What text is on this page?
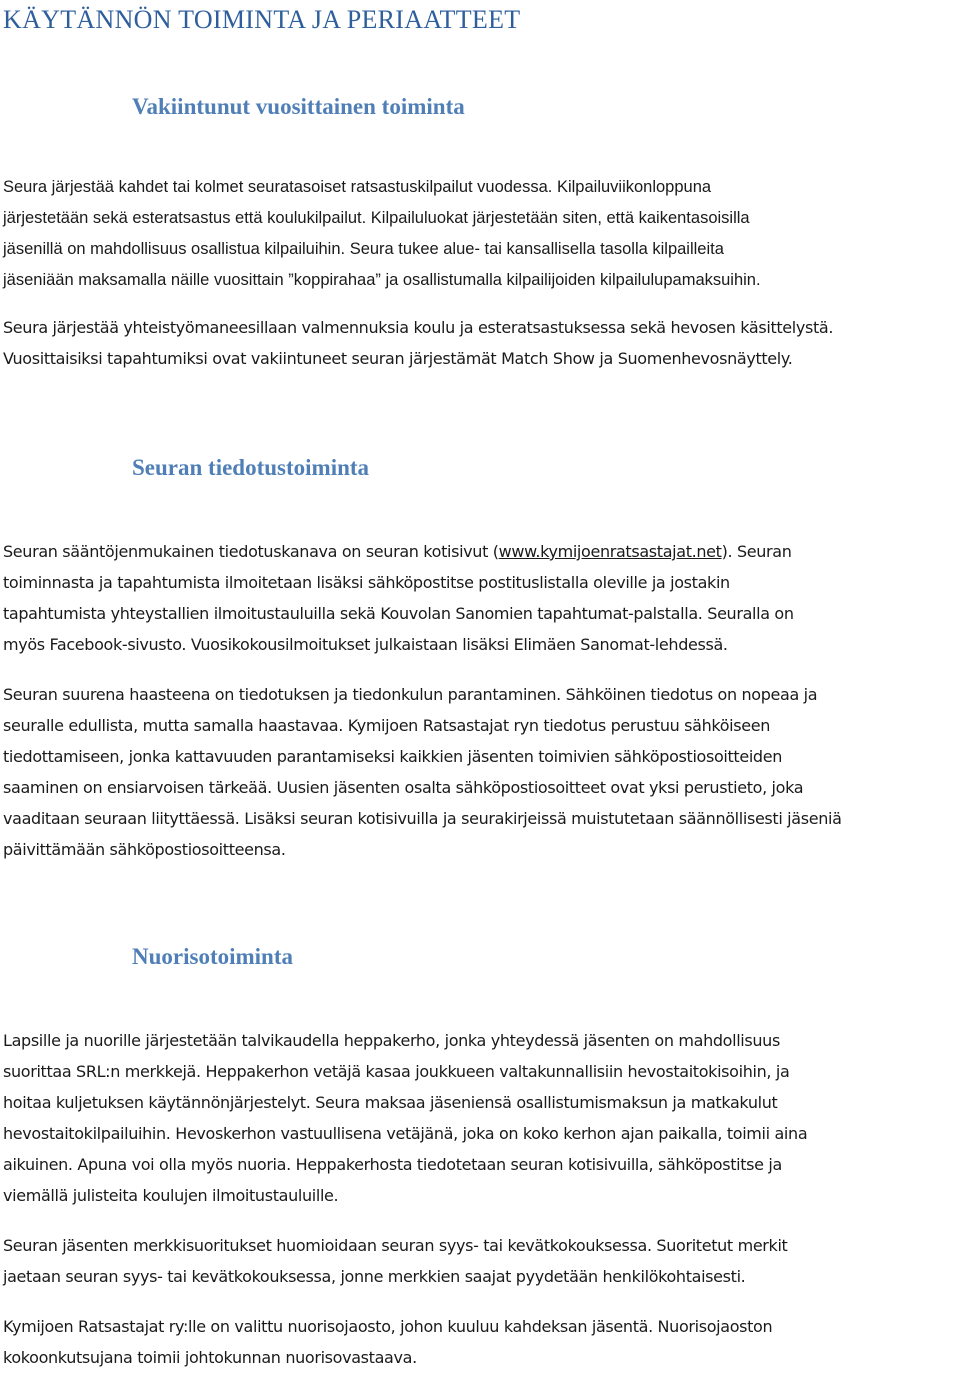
KÄYTÄNNÖN TOIMINTA JA PERIAATTEET
Vakiintunut vuosittainen toiminta

Seura järjestää kahdet tai kolmet seuratasoiset ratsastuskilpailut vuodessa. Kilpailuviikonloppuna
järjestetään sekä esteratsastus että koulukilpailut. Kilpailuluokat järjestetään siten, että kaikentasoisilla
jäsenillä on mahdollisuus osallistua kilpailuihin. Seura tukee alue- tai kansallisella tasolla kilpailleita
jäseniään maksamalla näille vuosittain ”koppirahaa” ja osallistumalla kilpailijoiden kilpailulupamaksuihin.

Seura järjestää yhteistyömaneesillaan valmennuksia koulu ja esteratsastuksessa sekä hevosen käsittelystä.
Vuosittaisiksi tapahtumiksi ovat vakiintuneet seuran järjestämät Match Show ja Suomenhevosnäyttely.

Seuran tiedotustoiminta

Seuran sääntöjenmukainen tiedotuskanava on seuran kotisivut (www.kymijoenratsastajat.net). Seuran
toiminnasta ja tapahtumista ilmoitetaan lisäksi sähköpostitse postituslistalla oleville ja jostakin
tapahtumista yhteystallien ilmoitustauluilla sekä Kouvolan Sanomien tapahtumat-palstalla. Seuralla on
myös Facebook-sivusto. Vuosikokousilmoitukset julkaistaan lisäksi Elimäen Sanomat-lehdessä.

Seuran suurena haasteena on tiedotuksen ja tiedonkulun parantaminen. Sähköinen tiedotus on nopeaa ja
seuralle edullista, mutta samalla haastavaa. Kymijoen Ratsastajat ryn tiedotus perustuu sähköiseen
tiedottamiseen, jonka kattavuuden parantamiseksi kaikkien jäsenten toimivien sähköpostiosoitteiden
saaminen on ensiarvoisen tärkeää. Uusien jäsenten osalta sähköpostiosoitteet ovat yksi perustieto, joka
vaaditaan seuraan liityttäessä. Lisäksi seuran kotisivuilla ja seurakirjeissä muistutetaan säännöllisesti jäseniä
päivittämään sähköpostiosoitteensa.

Nuorisotoiminta

Lapsille ja nuorille järjestetään talvikaudella heppakerho, jonka yhteydessä jäsenten on mahdollisuus
suorittaa SRL:n merkkejä. Heppakerhon vetäjä kasaa joukkueen valtakunnallisiin hevostaitokisoihin, ja
hoitaa kuljetuksen käytännönjärjestelyt. Seura maksaa jäseniensä osallistumismaksun ja matkakulut
hevostaitokilpailuihin. Hevoskerhon vastuullisena vetäjänä, joka on koko kerhon ajan paikalla, toimii aina
aikuinen. Apuna voi olla myös nuoria. Heppakerhosta tiedotetaan seuran kotisivuilla, sähköpostitse ja
viemällä julisteita koulujen ilmoitustauluille.

Seuran jäsenten merkkisuoritukset huomioidaan seuran syys- tai kevätkokouksessa. Suoritetut merkit
jaetaan seuran syys- tai kevätkokouksessa, jonne merkkien saajat pyydetään henkilökohtaisesti.

Kymijoen Ratsastajat ry:lle on valittu nuorisojaosto, johon kuuluu kahdeksan jäsentä. Nuorisojaoston
kokoonkutsujana toimii johtokunnan nuorisovastaava.
